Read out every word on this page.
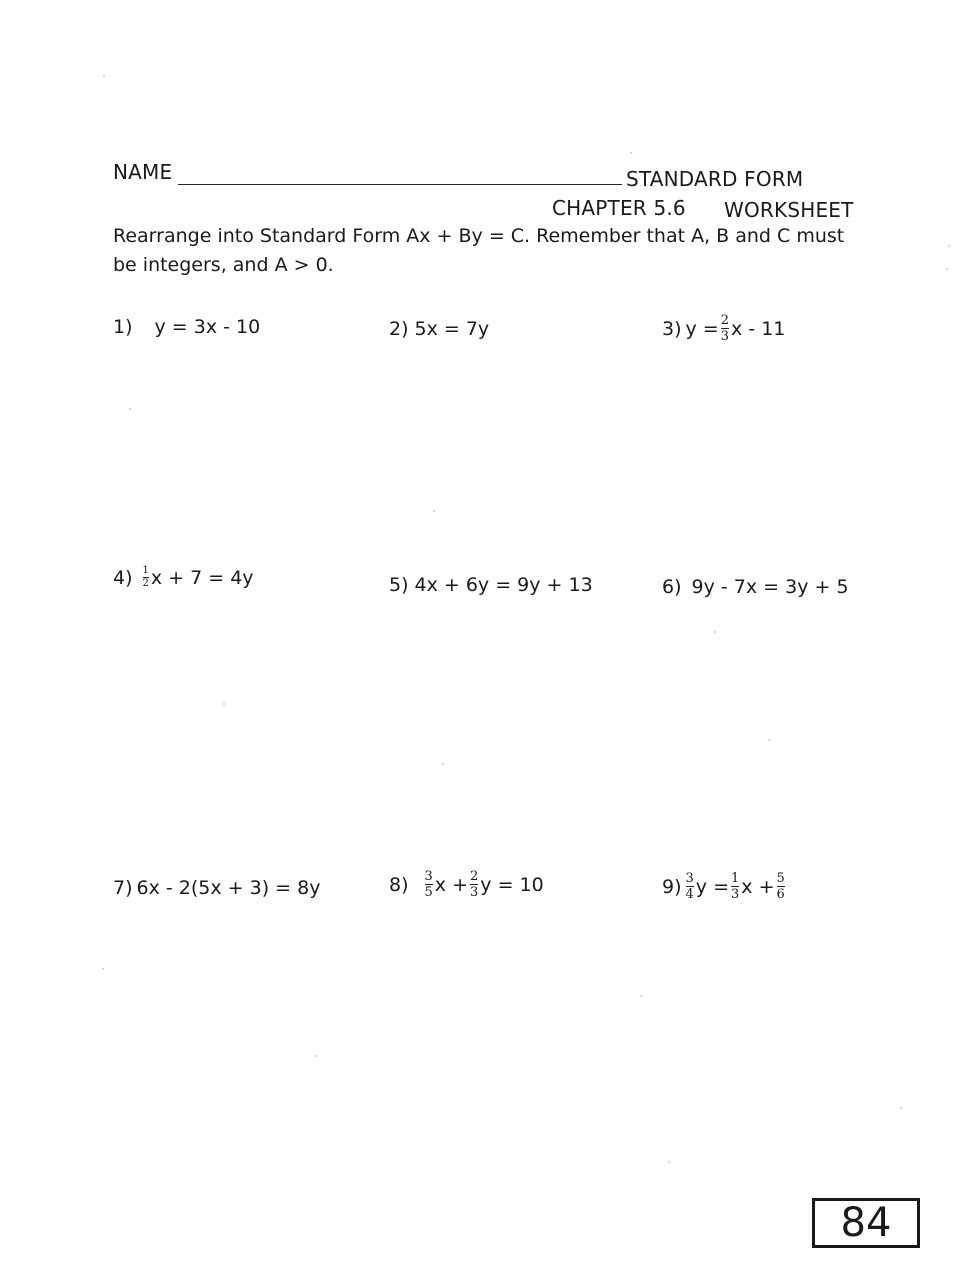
NAME	STANDARD FORM
CHAPTER 5.6 WORKSHEET
Rearrange into Standard Form Ax + By = C. Remember that A, B and C must
be integers, and A > 0.
1) y = 3x - 10	2) 5x = 7y	3) $y = \frac{2}{3}$ x - 11
$4) \frac{1}{2}$ x + 7 = 4y	5) 4x + 6y = 9y + 13	6) 9y - 7x = 3y + 5
7) 6x - 2(5x + 3) = 8y	$8) \frac{3}{5}$ $x + \frac{2}{3}$ y = 10	$9) \frac{3}{4}$ $y = \frac{1}{3}$ $x + \frac{5}{6}$
84
